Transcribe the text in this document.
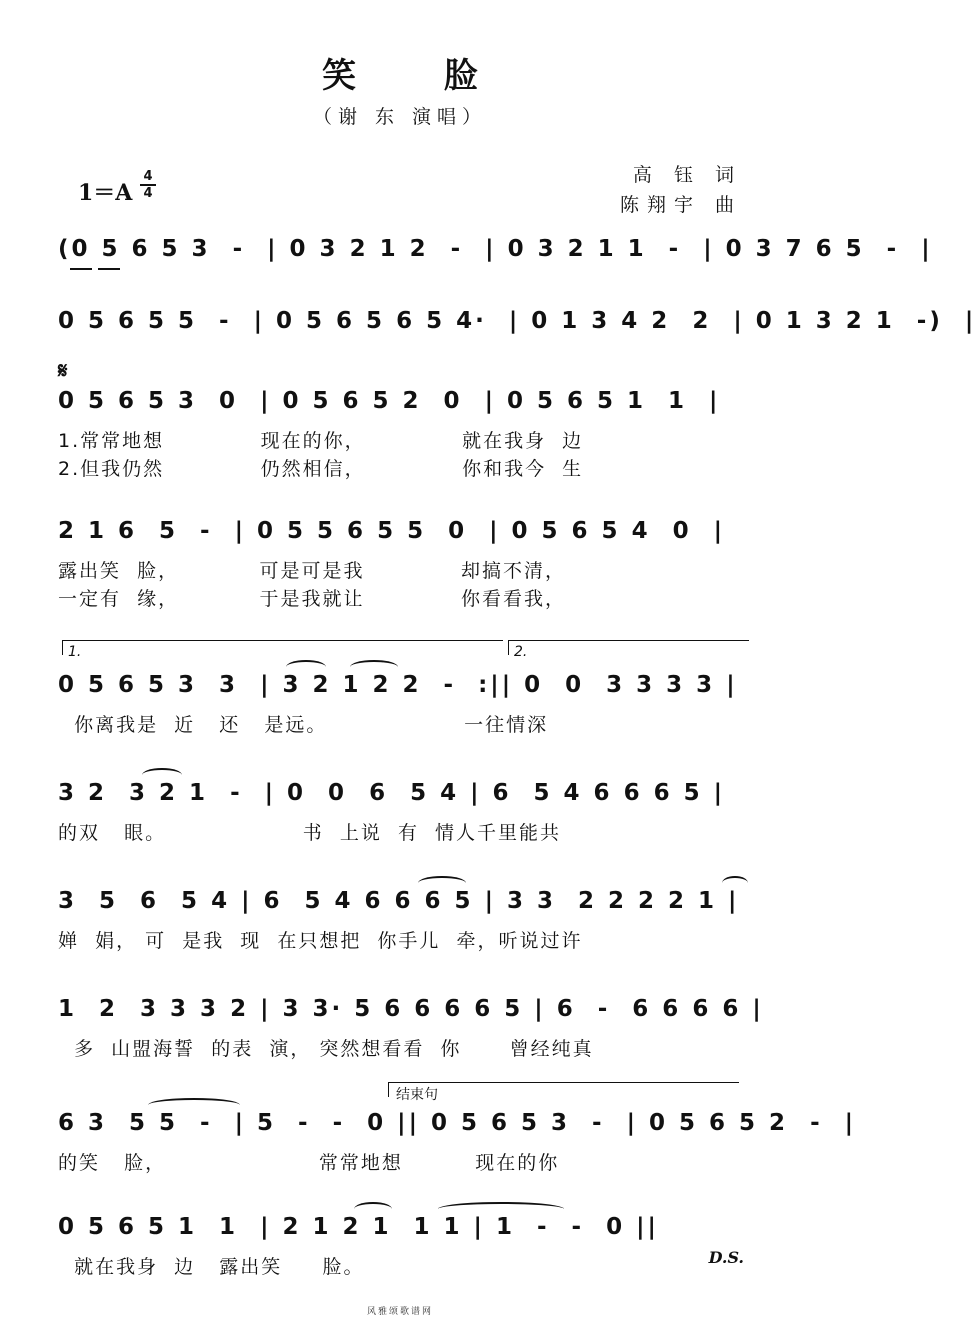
笑 脸
（谢 东 演唱）
1＝A
4
4
高 钰 词
陈翔宇 曲
(0 5 6 5 3  -  | 0 3 2 1 2  -  | 0 3 2 1 1  -  | 0 3 7 6 5  -  |
0 5 6 5 5  -  | 0 5 6 5 6 5 4·  | 0 1 3 4 2  2  | 0 1 3 2 1  -)  |
𝄋
0 5 6 5 3  0  | 0 5 6 5 2  0  | 0 5 6 5 1  1  |
1.常常地想            现在的你，            就在我身  边
2.但我仍然            仍然相信，            你和我今  生
2 1 6  5  -  | 0 5 5 6 5 5  0  | 0 5 6 5 4  0  |
露出笑  脸，          可是可是我            却搞不清，
一定有  缘，          于是我就让            你看看我，
1.	2.
0 5 6 5 3  3  | 3 2 1 2 2  -  :|| 0  0  3 3 3 3 |
你离我是  近   还   是远。                 一往情深
3 2  3 2 1  -  | 0  0  6  5 4 | 6  5 4 6 6 6 5 |
的双   眼。                 书  上说  有  情人千里能共
3  5  6  5 4 | 6  5 4 6 6 6 5 | 3 3  2 2 2 2 1 |
婵  娟， 可  是我  现  在只想把  你手儿  牵，听说过许
1  2  3 3 3 2 | 3 3· 5 6 6 6 6 5 | 6  -  6 6 6 6 |
多  山盟海誓  的表  演， 突然想看看  你      曾经纯真
结束句
6 3  5 5  -  | 5  -  -  0 || 0 5 6 5 3  -  | 0 5 6 5 2  -  |
的笑   脸，                   常常地想         现在的你
0 5 6 5 1  1  | 2 1 2 1  1 1 | 1  -  -  0 ||
就在我身  边   露出笑     脸。	D.S.
风雅颂歌谱网
